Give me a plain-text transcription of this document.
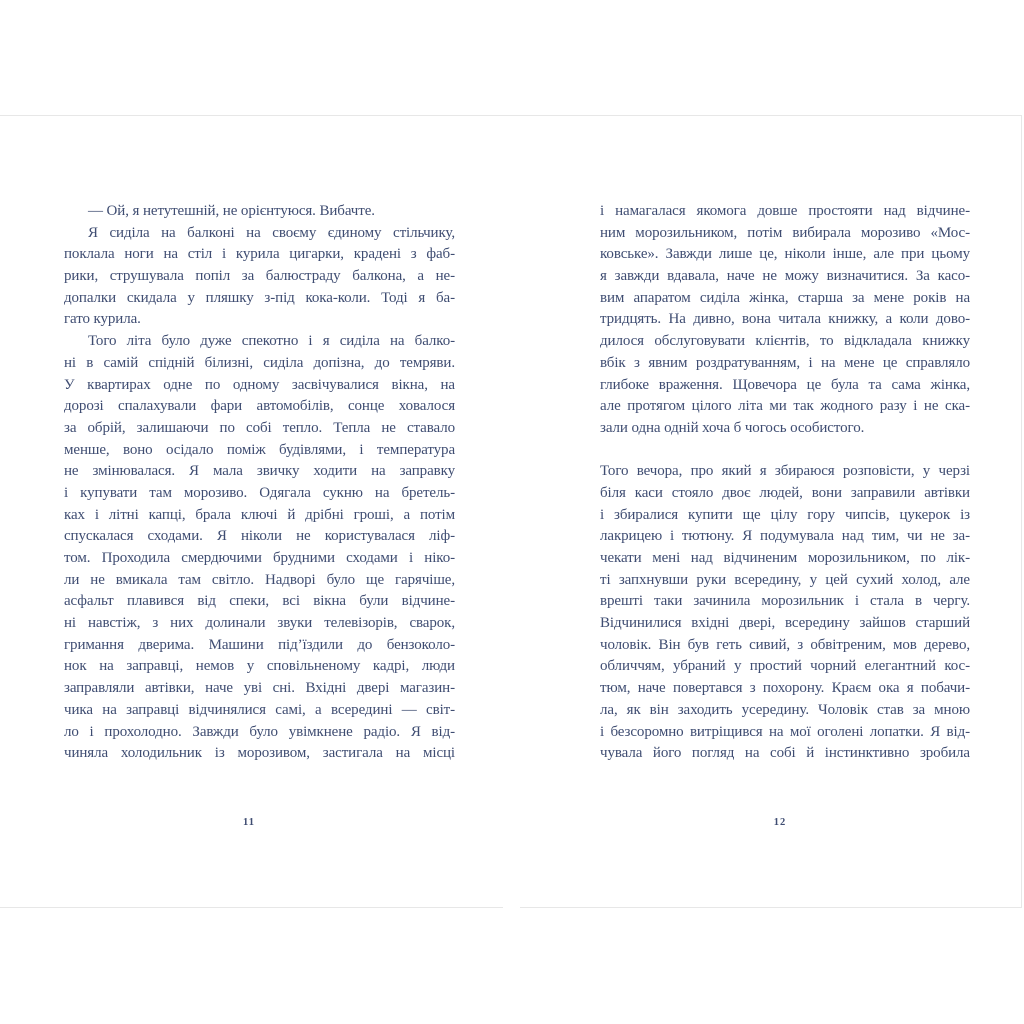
— Ой, я нетутешній, не орієнтуюся. Вибачте.
Я сиділа на балконі на своєму єдиному стільчику,
поклала ноги на стіл і курила цигарки, крадені з фаб-
рики, струшувала попіл за балюстраду балкона, а не-
допалки скидала у пляшку з-під кока-коли. Тоді я ба-
гато курила.
Того літа було дуже спекотно і я сиділа на балко-
ні в самій спідній білизні, сиділа допізна, до темряви.
У квартирах одне по одному засвічувалися вікна, на
дорозі спалахували фари автомобілів, сонце ховалося
за обрій, залишаючи по собі тепло. Тепла не ставало
менше, воно осідало поміж будівлями, і температура
не змінювалася. Я мала звичку ходити на заправку
і купувати там морозиво. Одягала сукню на бретель-
ках і літні капці, брала ключі й дрібні гроші, а потім
спускалася сходами. Я ніколи не користувалася ліф-
том. Проходила смердючими брудними сходами і ніко-
ли не вмикала там світло. Надворі було ще гарячіше,
асфальт плавився від спеки, всі вікна були відчине-
ні навстіж, з них долинали звуки телевізорів, сварок,
гримання дверима. Машини під’їздили до бензоколо-
нок на заправці, немов у сповільненому кадрі, люди
заправляли автівки, наче уві сні. Вхідні двері магазин-
чика на заправці відчинялися самі, а всередині — світ-
ло і прохолодно. Завжди було увімкнене радіо. Я від-
чиняла холодильник із морозивом, застигала на місці
і намагалася якомога довше простояти над відчине-
ним морозильником, потім вибирала морозиво «Мос-
ковське». Завжди лише це, ніколи інше, але при цьому
я завжди вдавала, наче не можу визначитися. За касо-
вим апаратом сиділа жінка, старша за мене років на
тридцять. На дивно, вона читала книжку, а коли дово-
дилося обслуговувати клієнтів, то відкладала книжку
вбік з явним роздратуванням, і на мене це справляло
глибоке враження. Щовечора це була та сама жінка,
але протягом цілого літа ми так жодного разу і не ска-
зали одна одній хоча б чогось особистого.
Того вечора, про який я збираюся розповісти, у черзі
біля каси стояло двоє людей, вони заправили автівки
і збиралися купити ще цілу гору чипсів, цукерок із
лакрицею і тютюну. Я подумувала над тим, чи не за-
чекати мені над відчиненим морозильником, по лік-
ті запхнувши руки всередину, у цей сухий холод, але
врешті таки зачинила морозильник і стала в чергу.
Відчинилися вхідні двері, всередину зайшов старший
чоловік. Він був геть сивий, з обвітреним, мов дерево,
обличчям, убраний у простий чорний елегантний кос-
тюм, наче повертався з похорону. Краєм ока я побачи-
ла, як він заходить усередину. Чоловік став за мною
і безсоромно витріщився на мої оголені лопатки. Я від-
чувала його погляд на собі й інстинктивно зробила
11	12
